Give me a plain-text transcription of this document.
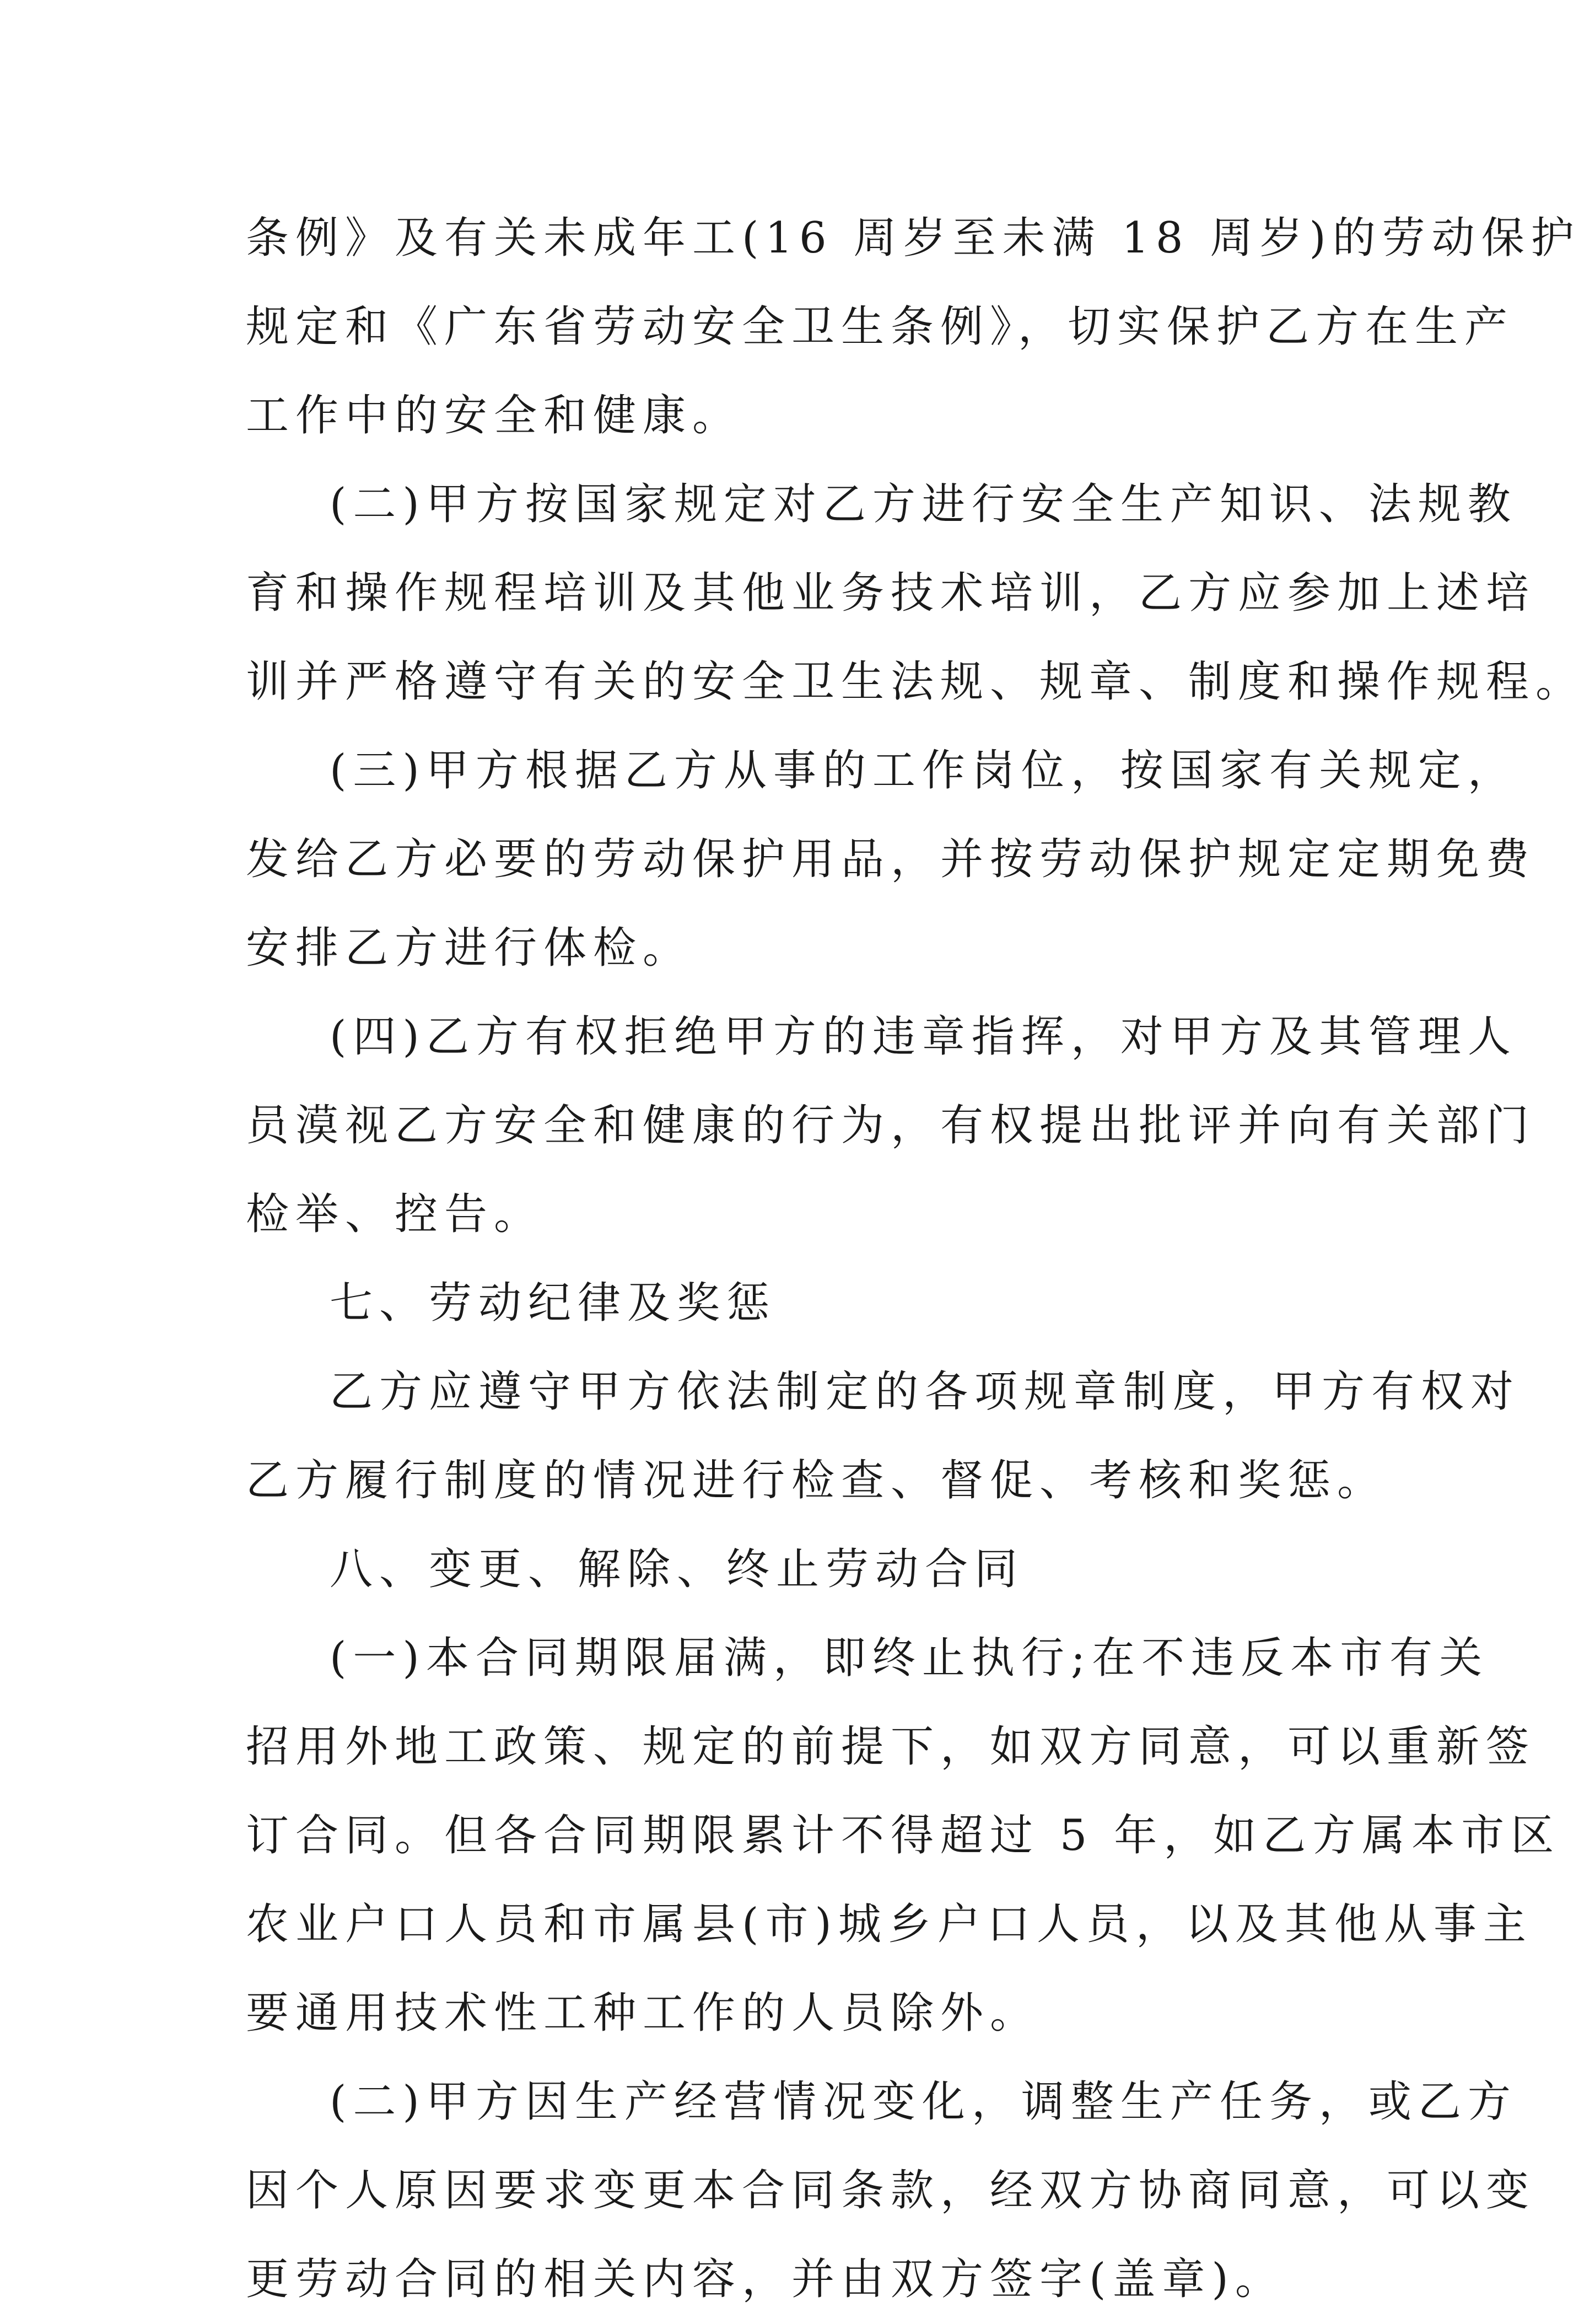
条例》及有关未成年工(16 周岁至未满 18 周岁)的劳动保护
规定和《广东省劳动安全卫生条例》，切实保护乙方在生产
工作中的安全和健康。
(二)甲方按国家规定对乙方进行安全生产知识、法规教
育和操作规程培训及其他业务技术培训，乙方应参加上述培
训并严格遵守有关的安全卫生法规、规章、制度和操作规程。
(三)甲方根据乙方从事的工作岗位，按国家有关规定，
发给乙方必要的劳动保护用品，并按劳动保护规定定期免费
安排乙方进行体检。
(四)乙方有权拒绝甲方的违章指挥，对甲方及其管理人
员漠视乙方安全和健康的行为，有权提出批评并向有关部门
检举、控告。
七、劳动纪律及奖惩
乙方应遵守甲方依法制定的各项规章制度，甲方有权对
乙方履行制度的情况进行检查、督促、考核和奖惩。
八、变更、解除、终止劳动合同
(一)本合同期限届满，即终止执行;在不违反本市有关
招用外地工政策、规定的前提下，如双方同意，可以重新签
订合同。但各合同期限累计不得超过 5 年，如乙方属本市区
农业户口人员和市属县(市)城乡户口人员，以及其他从事主
要通用技术性工种工作的人员除外。
(二)甲方因生产经营情况变化，调整生产任务，或乙方
因个人原因要求变更本合同条款，经双方协商同意，可以变
更劳动合同的相关内容，并由双方签字(盖章)。
